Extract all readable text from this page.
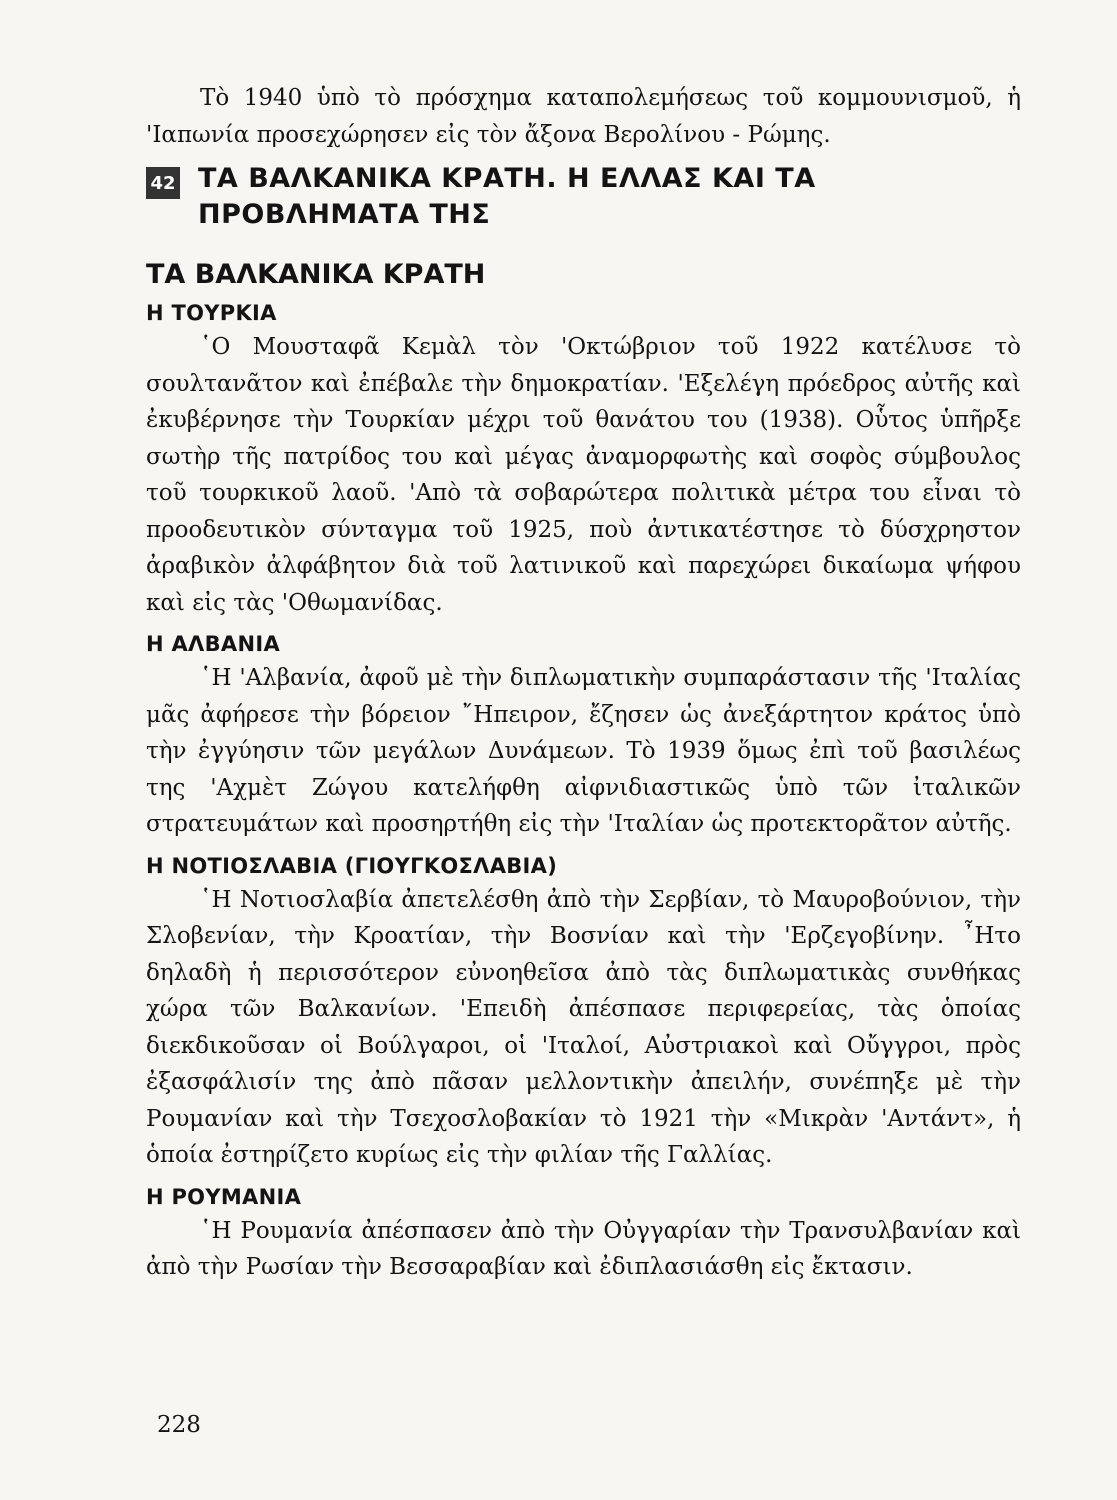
Τὸ 1940 ὑπὸ τὸ πρόσχημα καταπολεμήσεως τοῦ κομμουνισμοῦ, ἡ 'Ιαπωνία προσεχώρησεν εἰς τὸν ἄξονα Βερολίνου - Ρώμης.

42 ΤΑ ΒΑΛΚΑΝΙΚΑ ΚΡΑΤΗ. Η ΕΛΛΑΣ ΚΑΙ ΤΑ ΠΡΟΒΛΗΜΑΤΑ ΤΗΣ
ΤΑ ΒΑΛΚΑΝΙΚΑ ΚΡΑΤΗ
Η ΤΟΥΡΚΙΑ

῾Ο Μουσταφᾶ Κεμὰλ τὸν 'Οκτώβριον τοῦ 1922 κατέλυσε τὸ σουλτανᾶτον καὶ ἐπέβαλε τὴν δημοκρατίαν. 'Εξελέγη πρόεδρος αὐτῆς καὶ ἐκυβέρνησε τὴν Τουρκίαν μέχρι τοῦ θανάτου του (1938). Οὗτος ὑπῆρξε σωτὴρ τῆς πατρίδος του καὶ μέγας ἀναμορφωτὴς καὶ σοφὸς σύμβουλος τοῦ τουρκικοῦ λαοῦ. 'Απὸ τὰ σοβαρώτερα πολιτικὰ μέτρα του εἶναι τὸ προοδευτικὸν σύνταγμα τοῦ 1925, ποὺ ἀντικατέστησε τὸ δύσχρηστον ἀραβικὸν ἀλφάβητον διὰ τοῦ λατινικοῦ καὶ παρεχώρει δικαίωμα ψήφου καὶ εἰς τὰς 'Οθωμανίδας.

Η ΑΛΒΑΝΙΑ

῾Η 'Αλβανία, ἀφοῦ μὲ τὴν διπλωματικὴν συμπαράστασιν τῆς 'Ιταλίας μᾶς ἀφήρεσε τὴν βόρειον ῎Ηπειρον, ἔζησεν ὡς ἀνεξάρτητον κράτος ὑπὸ τὴν ἐγγύησιν τῶν μεγάλων Δυνάμεων. Τὸ 1939 ὅμως ἐπὶ τοῦ βασιλέως της 'Αχμὲτ Ζώγου κατελήφθη αἰφνιδιαστικῶς ὑπὸ τῶν ἰταλικῶν στρατευμάτων καὶ προσηρτήθη εἰς τὴν 'Ιταλίαν ὡς προτεκτορᾶτον αὐτῆς.

Η ΝΟΤΙΟΣΛΑΒΙΑ (ΓΙΟΥΓΚΟΣΛΑΒΙΑ)

῾Η Νοτιοσλαβία ἀπετελέσθη ἀπὸ τὴν Σερβίαν, τὸ Μαυροβούνιον, τὴν Σλοβενίαν, τὴν Κροατίαν, τὴν Βοσνίαν καὶ τὴν 'Ερζεγοβίνην. ῏Ητο δηλαδὴ ἡ περισσότερον εὐνοηθεῖσα ἀπὸ τὰς διπλωματικὰς συνθήκας χώρα τῶν Βαλκανίων. 'Επειδὴ ἀπέσπασε περιφερείας, τὰς ὁποίας διεκδικοῦσαν οἱ Βούλγαροι, οἱ 'Ιταλοί, Αὐστριακοὶ καὶ Οὔγγροι, πρὸς ἐξασφάλισίν της ἀπὸ πᾶσαν μελλοντικὴν ἀπειλήν, συνέπηξε μὲ τὴν Ρουμανίαν καὶ τὴν Τσεχοσλοβακίαν τὸ 1921 τὴν «Μικρὰν 'Αντάντ», ἡ ὁποία ἐστηρίζετο κυρίως εἰς τὴν φιλίαν τῆς Γαλλίας.

Η ΡΟΥΜΑΝΙΑ

῾Η Ρουμανία ἀπέσπασεν ἀπὸ τὴν Οὐγγαρίαν τὴν Τρανσυλβανίαν καὶ ἀπὸ τὴν Ρωσίαν τὴν Βεσσαραβίαν καὶ ἐδιπλασιάσθη εἰς ἔκτασιν.

228
